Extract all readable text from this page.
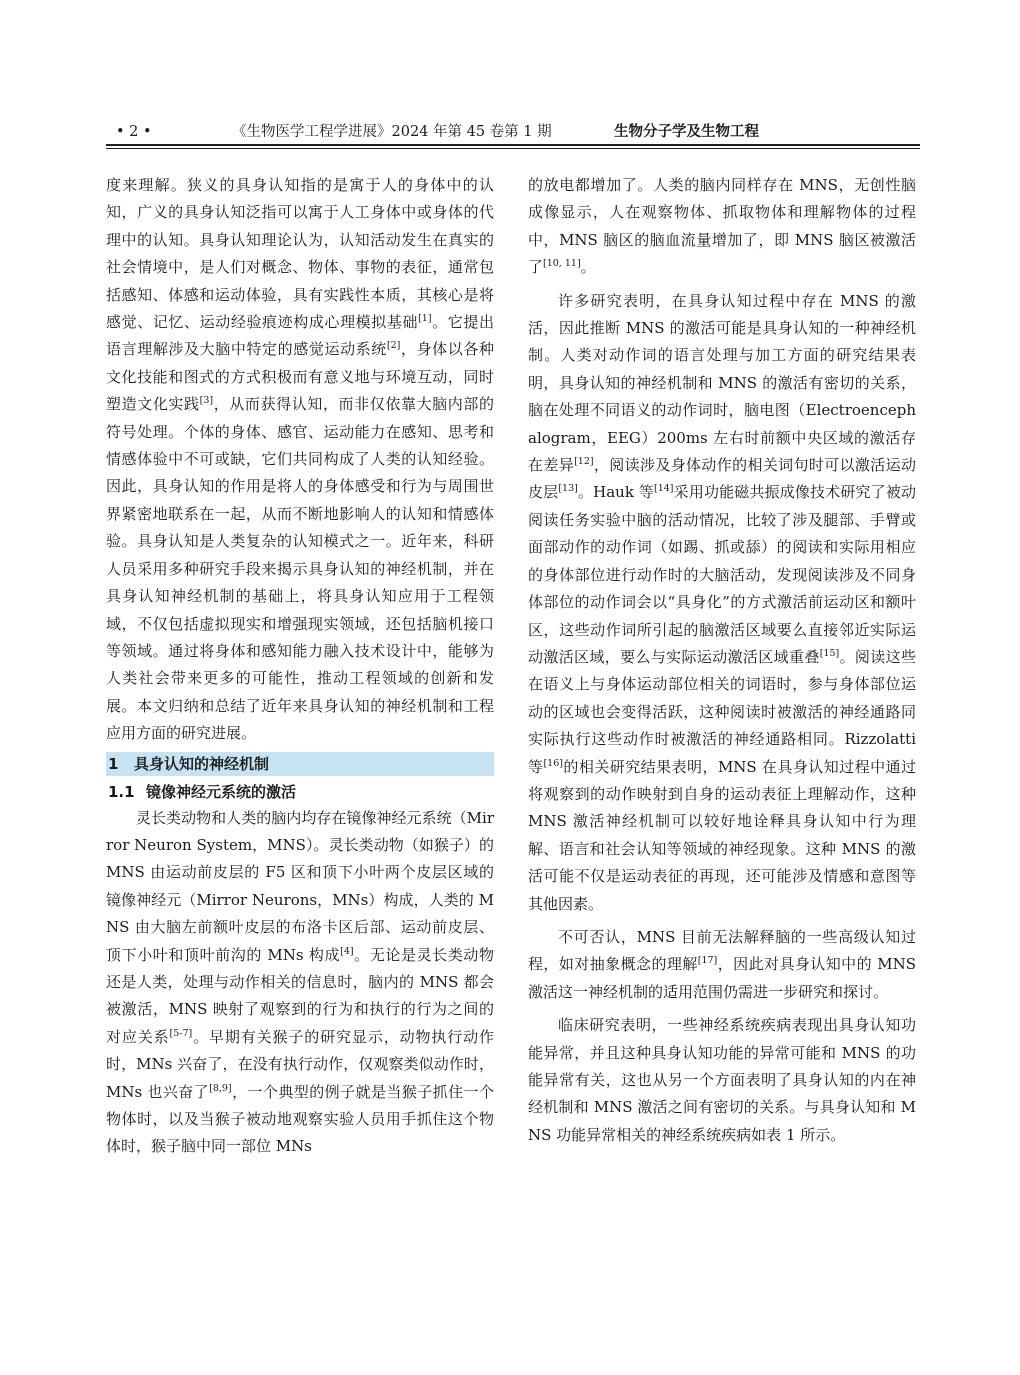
• 2 •	《生物医学工程学进展》2024 年第 45 卷第 1 期	生物分子学及生物工程

度来理解。狭义的具身认知指的是寓于人的身体中的认知，广义的具身认知泛指可以寓于人工身体中或身体的代理中的认知。具身认知理论认为，认知活动发生在真实的社会情境中，是人们对概念、物体、事物的表征，通常包括感知、体感和运动体验，具有实践性本质，其核心是将感觉、记忆、运动经验痕迹构成心理模拟基础[1]。它提出语言理解涉及大脑中特定的感觉运动系统[2]，身体以各种文化技能和图式的方式积极而有意义地与环境互动，同时塑造文化实践[3]，从而获得认知，而非仅依靠大脑内部的符号处理。个体的身体、感官、运动能力在感知、思考和情感体验中不可或缺，它们共同构成了人类的认知经验。因此，具身认知的作用是将人的身体感受和行为与周围世界紧密地联系在一起，从而不断地影响人的认知和情感体验。具身认知是人类复杂的认知模式之一。近年来，科研人员采用多种研究手段来揭示具身认知的神经机制，并在具身认知神经机制的基础上，将具身认知应用于工程领域，不仅包括虚拟现实和增强现实领域，还包括脑机接口等领域。通过将身体和感知能力融入技术设计中，能够为人类社会带来更多的可能性，推动工程领域的创新和发展。本文归纳和总结了近年来具身认知的神经机制和工程应用方面的研究进展。

1 具身认知的神经机制
1.1 镜像神经元系统的激活

灵长类动物和人类的脑内均存在镜像神经元系统（Mirror Neuron System，MNS）。灵长类动物（如猴子）的 MNS 由运动前皮层的 F5 区和顶下小叶两个皮层区域的镜像神经元（Mirror Neurons，MNs）构成，人类的 MNS 由大脑左前额叶皮层的布洛卡区后部、运动前皮层、顶下小叶和顶叶前沟的 MNs 构成[4]。无论是灵长类动物还是人类，处理与动作相关的信息时，脑内的 MNS 都会被激活，MNS 映射了观察到的行为和执行的行为之间的对应关系[5-7]。早期有关猴子的研究显示，动物执行动作时，MNs 兴奋了，在没有执行动作，仅观察类似动作时，MNs 也兴奋了[8,9]，一个典型的例子就是当猴子抓住一个物体时，以及当猴子被动地观察实验人员用手抓住这个物体时，猴子脑中同一部位 MNs

的放电都增加了。人类的脑内同样存在 MNS，无创性脑成像显示，人在观察物体、抓取物体和理解物体的过程中，MNS 脑区的脑血流量增加了，即 MNS 脑区被激活了[10, 11]。

许多研究表明，在具身认知过程中存在 MNS 的激活，因此推断 MNS 的激活可能是具身认知的一种神经机制。人类对动作词的语言处理与加工方面的研究结果表明，具身认知的神经机制和 MNS 的激活有密切的关系，脑在处理不同语义的动作词时，脑电图（Electroencephalogram，EEG）200ms 左右时前额中央区域的激活存在差异[12]，阅读涉及身体动作的相关词句时可以激活运动皮层[13]。Hauk 等[14]采用功能磁共振成像技术研究了被动阅读任务实验中脑的活动情况，比较了涉及腿部、手臂或面部动作的动作词（如踢、抓或舔）的阅读和实际用相应的身体部位进行动作时的大脑活动，发现阅读涉及不同身体部位的动作词会以“具身化”的方式激活前运动区和额叶区，这些动作词所引起的脑激活区域要么直接邻近实际运动激活区域，要么与实际运动激活区域重叠[15]。阅读这些在语义上与身体运动部位相关的词语时，参与身体部位运动的区域也会变得活跃，这种阅读时被激活的神经通路同实际执行这些动作时被激活的神经通路相同。Rizzolatti 等[16]的相关研究结果表明，MNS 在具身认知过程中通过将观察到的动作映射到自身的运动表征上理解动作，这种 MNS 激活神经机制可以较好地诠释具身认知中行为理解、语言和社会认知等领域的神经现象。这种 MNS 的激活可能不仅是运动表征的再现，还可能涉及情感和意图等其他因素。

不可否认，MNS 目前无法解释脑的一些高级认知过程，如对抽象概念的理解[17]，因此对具身认知中的 MNS 激活这一神经机制的适用范围仍需进一步研究和探讨。

临床研究表明，一些神经系统疾病表现出具身认知功能异常，并且这种具身认知功能的异常可能和 MNS 的功能异常有关，这也从另一个方面表明了具身认知的内在神经机制和 MNS 激活之间有密切的关系。与具身认知和 MNS 功能异常相关的神经系统疾病如表 1 所示。
